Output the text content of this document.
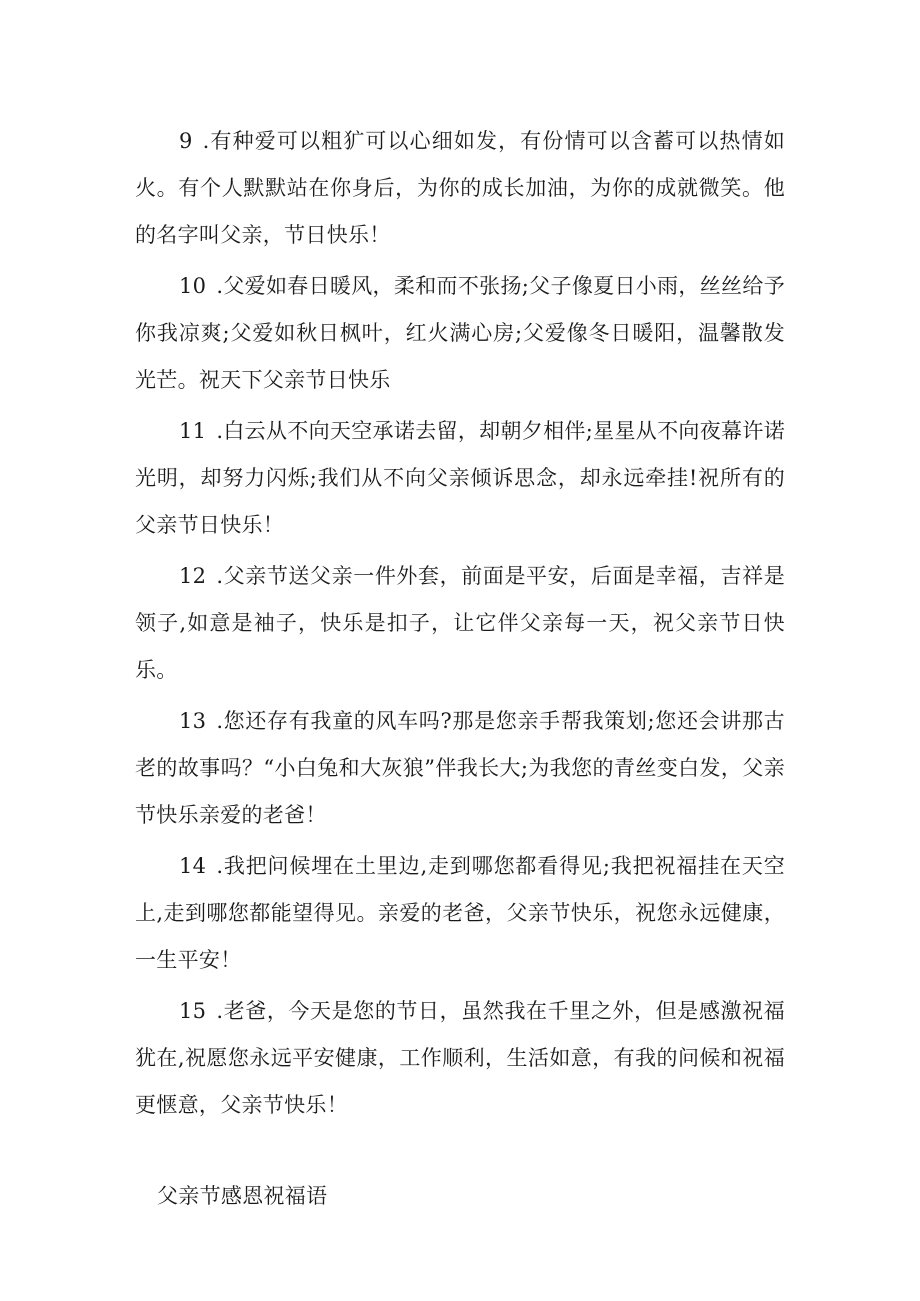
9 .有种爱可以粗犷可以心细如发，有份情可以含蓄可以热情如火。有个人默默站在你身后，为你的成长加油，为你的成就微笑。他的名字叫父亲，节日快乐！

10 .父爱如春日暖风，柔和而不张扬;父子像夏日小雨，丝丝给予你我凉爽;父爱如秋日枫叶，红火满心房;父爱像冬日暖阳，温馨散发光芒。祝天下父亲节日快乐

11 .白云从不向天空承诺去留，却朝夕相伴;星星从不向夜幕许诺光明，却努力闪烁;我们从不向父亲倾诉思念，却永远牵挂!祝所有的父亲节日快乐！

12 .父亲节送父亲一件外套，前面是平安，后面是幸福，吉祥是领子,如意是袖子，快乐是扣子，让它伴父亲每一天，祝父亲节日快乐。

13 .您还存有我童的风车吗?那是您亲手帮我策划;您还会讲那古老的故事吗？“小白兔和大灰狼”伴我长大;为我您的青丝变白发，父亲节快乐亲爱的老爸！

14 .我把问候埋在土里边,走到哪您都看得见;我把祝福挂在天空上,走到哪您都能望得见。亲爱的老爸，父亲节快乐，祝您永远健康，一生平安！

15 .老爸，今天是您的节日，虽然我在千里之外，但是感激祝福犹在,祝愿您永远平安健康，工作顺利，生活如意，有我的问候和祝福更惬意，父亲节快乐！

父亲节感恩祝福语
